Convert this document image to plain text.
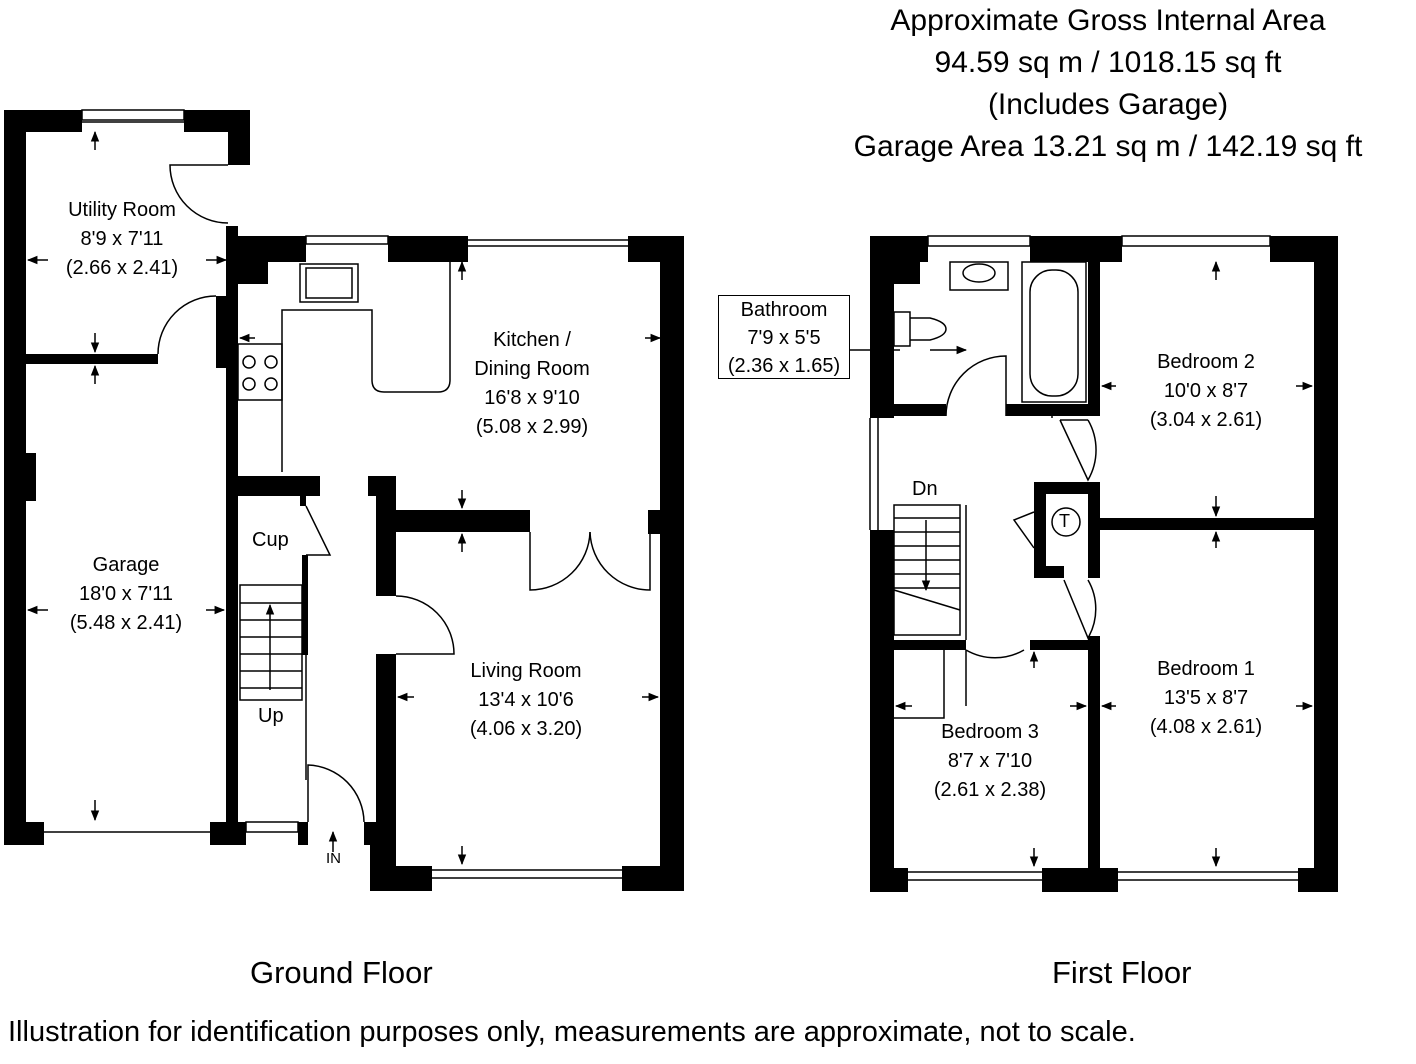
Approximate Gross Internal Area
94.59 sq m / 1018.15 sq ft
(Includes Garage)
Garage Area 13.21 sq m / 142.19 sq ft
Utility Room
8'9 x 7'11
(2.66 x 2.41)
Kitchen /
Dining Room
16'8 x 9'10
(5.08 x 2.99)
Garage
18'0 x 7'11
(5.48 x 2.41)
Living Room
13'4 x 10'6
(4.06 x 3.20)
Cup
Up
IN
Bathroom
7'9 x 5'5
(2.36 x 1.65)	Bedroom 2
10'0 x 8'7
(3.04 x 2.61)
Bedroom 1
13'5 x 8'7
(4.08 x 2.61)
Bedroom 3
8'7 x 7'10
(2.61 x 2.38)
Dn
T
Ground Floor	First Floor
Illustration for identification purposes only, measurements are approximate, not to scale.
